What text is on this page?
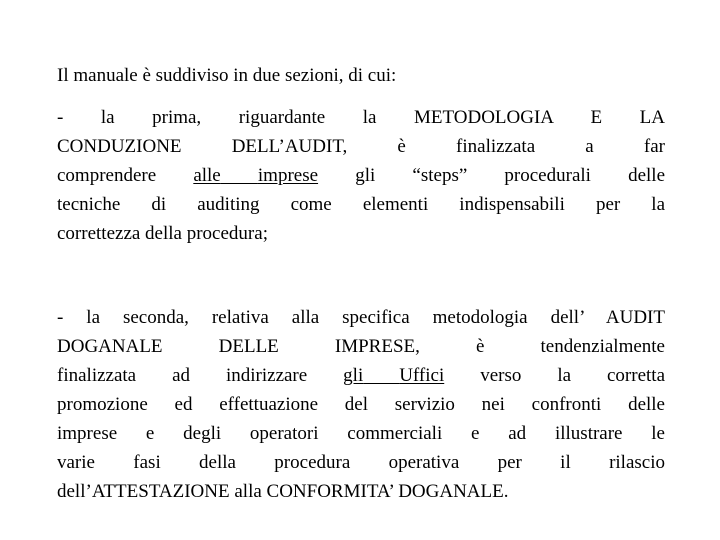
Il manuale è suddiviso in due sezioni, di cui:

- la prima, riguardante la METODOLOGIA E LA
CONDUZIONE DELL’AUDIT, è finalizzata a far
comprendere alle imprese gli “steps” procedurali delle
tecniche di auditing come elementi indispensabili per la
correttezza della procedura;
- la seconda, relativa alla specifica metodologia dell’ AUDIT
DOGANALE DELLE IMPRESE, è tendenzialmente
finalizzata ad indirizzare gli Uffici verso la corretta
promozione ed effettuazione del servizio nei confronti delle
imprese e degli operatori commerciali e ad illustrare le
varie fasi della procedura operativa per il rilascio
dell’ATTESTAZIONE alla CONFORMITA’ DOGANALE.
